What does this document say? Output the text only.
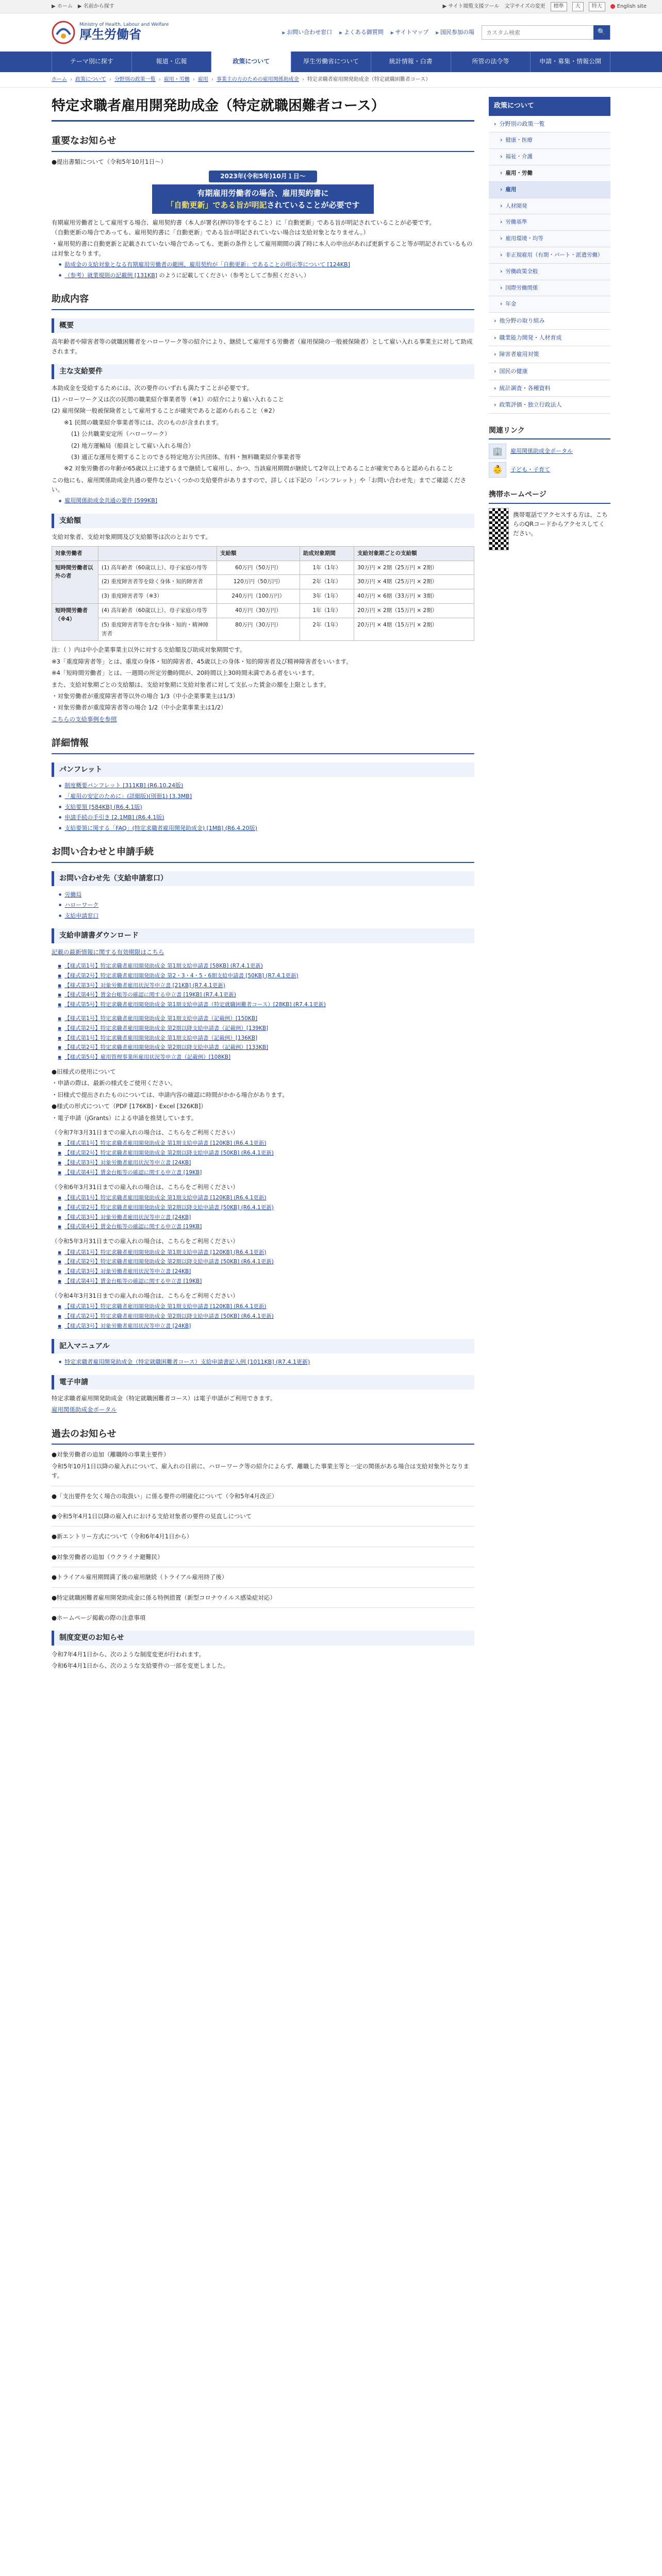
▶ ホーム ▶ 名前から探す	▶ サイト閲覧支援ツール 文字サイズの変更	標準	大	特大	English site
Ministry of Health, Labour and Welfare
厚生労働省	▶ お問い合わせ窓口	▶ よくある御質問	▶ サイトマップ	▶ 国民参加の場
カスタム検索	🔍
テーマ別に探す	報道・広報	政策について	厚生労働省について	統計情報・白書	所管の法令等	申請・募集・情報公開
ホーム › 政策について › 分野別の政策一覧 › 雇用・労働 › 雇用 › 事業主の方のための雇用関係助成金 › 特定求職者雇用開発助成金（特定就職困難者コース）
特定求職者雇用開発助成金（特定就職困難者コース）
重要なお知らせ

●提出書類について（令和5年10月1日〜）

2023年(令和5年)10月１日〜
有期雇用労働者の場合、雇用契約書に
「自動更新」である旨が明記されていることが必要です

有期雇用労働者として雇用する場合、雇用契約書（本人が署名(押印)等をすること）に「自動更新」である旨が明記されていることが必要です。
（自動更新の場合であっても、雇用契約書に「自動更新」である旨が明記されていない場合は支給対象となりません。）

・雇用契約書に自動更新と記載されていない場合であっても、更新の条件として雇用期間の満了時に本人の申出があれば更新すること等が明記されているものは対象となります。

● 助成金の支給対象となる有期雇用労働者の範囲、雇用契約が「自動更新」であることの明示等について [124KB]
● （参考）就業規則の記載例 [131KB] のように記載してください（参考としてご参照ください。）
助成内容
概要

高年齢者や障害者等の就職困難者をハローワーク等の紹介により、継続して雇用する労働者（雇用保険の一般被保険者）として雇い入れる事業主に対して助成されます。

主な支給要件

本助成金を受給するためには、次の要件のいずれも満たすことが必要です。

(1) ハローワーク又は次の民間の職業紹介事業者等（※1）の紹介により雇い入れること

(2) 雇用保険一般被保険者として雇用することが確実であると認められること（※2）

※1 民間の職業紹介事業者等には、次のものが含まれます。

(1) 公共職業安定所（ハローワーク）

(2) 地方運輸局（船員として雇い入れる場合）

(3) 適正な運用を期することのできる特定地方公共団体、有料・無料職業紹介事業者等

※2 対象労働者の年齢が65歳以上に達するまで継続して雇用し、かつ、当該雇用期間が継続して2年以上であることが確実であると認められること

この他にも、雇用関係助成金共通の要件などいくつかの支給要件がありますので、詳しくは下記の「パンフレット」や「お問い合わせ先」までご確認ください。

● 雇用関係助成金共通の要件 [599KB]
支給額

支給対象者、支給対象期間及び支給額等は次のとおりです。

対象労働者		支給額	助成対象期間	支給対象期ごとの支給額
短時間労働者以外の者	(1) 高年齢者（60歳以上）、母子家庭の母等	60万円（50万円）	1年（1年）	30万円 × 2期（25万円 × 2期）
	(2) 重度障害者等を除く身体・知的障害者	120万円（50万円）	2年（1年）	30万円 × 4期（25万円 × 2期）
	(3) 重度障害者等（※3）	240万円（100万円）	3年（1年）	40万円 × 6期（33万円 × 3期）
短時間労働者（※4）	(4) 高年齢者（60歳以上）、母子家庭の母等	40万円（30万円）	1年（1年）	20万円 × 2期（15万円 × 2期）
	(5) 重度障害者等を含む身体・知的・精神障害者	80万円（30万円）	2年（1年）	20万円 × 4期（15万円 × 2期）

注：（ ）内は中小企業事業主以外に対する支給額及び助成対象期間です。

※3「重度障害者等」とは、重度の身体・知的障害者、45歳以上の身体・知的障害者及び精神障害者をいいます。

※4「短時間労働者」とは、一週間の所定労働時間が、20時間以上30時間未満である者をいいます。

また、支給対象期ごとの支給額は、支給対象期に支給対象者に対して支払った賃金の額を上限とします。

・対象労働者が重度障害者等以外の場合 1/3（中小企業事業主は1/3）

・対象労働者が重度障害者等の場合 1/2（中小企業事業主は1/2）

こちらの支給事例を参照

詳細情報
パンフレット
● 制度概要パンフレット [311KB] (R6.10.24版)
● 「雇用の安定のために」(詳細版)(別冊1) [3.3MB]
● 支給要領 [584KB] (R6.4.1版)
● 申請手続の手引き [2.1MB] (R6.4.1版)
● 支給要領に関する「FAQ」(特定求職者雇用開発助成金) [1MB] (R6.4.20版)
お問い合わせと申請手続
お問い合わせ先（支給申請窓口）
● 労働局
● ハローワーク
● 支給申請窓口
支給申請書ダウンロード

記載の最新情報に関する有効期限はこちら

▪ 【様式第1号】特定求職者雇用開発助成金 第1期支給申請書 [58KB] (R7.4.1更新)
▪ 【様式第2号】特定求職者雇用開発助成金 第2・3・4・5・6期支給申請書 [50KB] (R7.4.1更新)
▪ 【様式第3号】対象労働者雇用状況等申立書 [21KB] (R7.4.1更新)
▪ 【様式第4号】賃金台帳等の確認に関する申立書 [19KB] (R7.4.1更新)
▪ 【様式第5号】特定求職者雇用開発助成金 第1期支給申請書（特定就職困難者コース）[28KB] (R7.4.1更新)
▪ 【様式第1号】特定求職者雇用開発助成金 第1期支給申請書（記載例）[150KB]
▪ 【様式第2号】特定求職者雇用開発助成金 第2期以降支給申請書（記載例）[139KB]
▪ 【様式第1号】特定求職者雇用開発助成金 第1期支給申請書（記載例）[136KB]
▪ 【様式第2号】特定求職者雇用開発助成金 第2期以降支給申請書（記載例）[133KB]
▪ 【様式第5号】雇用管理事業所雇用状況等申立書（記載例）[108KB]

●旧様式の使用について

・申請の際は、最新の様式をご使用ください。

・旧様式で提出されたものについては、申請内容の確認に時間がかかる場合があります。

●様式の形式について（PDF [176KB]・Excel [326KB]）

・電子申請（jGrants）による申請を推奨しています。

（令和7年3月31日までの雇入れの場合は、こちらをご利用ください）

▪ 【様式第1号】特定求職者雇用開発助成金 第1期支給申請書 [120KB] (R6.4.1更新)
▪ 【様式第2号】特定求職者雇用開発助成金 第2期以降支給申請書 [50KB] (R6.4.1更新)
▪ 【様式第3号】対象労働者雇用状況等申立書 [24KB]
▪ 【様式第4号】賃金台帳等の確認に関する申立書 [19KB]

（令和6年3月31日までの雇入れの場合は、こちらをご利用ください）

▪ 【様式第1号】特定求職者雇用開発助成金 第1期支給申請書 [120KB] (R6.4.1更新)
▪ 【様式第2号】特定求職者雇用開発助成金 第2期以降支給申請書 [50KB] (R6.4.1更新)
▪ 【様式第3号】対象労働者雇用状況等申立書 [24KB]
▪ 【様式第4号】賃金台帳等の確認に関する申立書 [19KB]

（令和5年3月31日までの雇入れの場合は、こちらをご利用ください）

▪ 【様式第1号】特定求職者雇用開発助成金 第1期支給申請書 [120KB] (R6.4.1更新)
▪ 【様式第2号】特定求職者雇用開発助成金 第2期以降支給申請書 [50KB] (R6.4.1更新)
▪ 【様式第3号】対象労働者雇用状況等申立書 [24KB]
▪ 【様式第4号】賃金台帳等の確認に関する申立書 [19KB]

（令和4年3月31日までの雇入れの場合は、こちらをご利用ください）

▪ 【様式第1号】特定求職者雇用開発助成金 第1期支給申請書 [120KB] (R6.4.1更新)
▪ 【様式第2号】特定求職者雇用開発助成金 第2期以降支給申請書 [50KB] (R6.4.1更新)
▪ 【様式第3号】対象労働者雇用状況等申立書 [24KB]
記入マニュアル
● 特定求職者雇用開発助成金（特定就職困難者コース）支給申請書記入例 [1011KB] (R7.4.1更新)
電子申請

特定求職者雇用開発助成金（特定就職困難者コース）は電子申請がご利用できます。

雇用関係助成金ポータル

過去のお知らせ

●対象労働者の追加（離職時の事業主要件）

令和5年10月1日以降の雇入れについて、雇入れの日前に、ハローワーク等の紹介によらず、離職した事業主等と一定の関係がある場合は支給対象外となります。

●「支出要件を欠く場合の取扱い」に係る要件の明確化について（令和5年4月改正）

●令和5年4月1日以降の雇入れにおける支給対象者の要件の見直しについて

●新エントリー方式について（令和6年4月1日から）

●対象労働者の追加（ウクライナ避難民）

●トライアル雇用期間満了後の雇用継続（トライアル雇用終了後）

●特定就職困難者雇用開発助成金に係る特例措置（新型コロナウイルス感染症対応）

●ホームページ掲載の際の注意事項

制度変更のお知らせ

令和7年4月1日から、次のような制度変更が行われます。

令和6年4月1日から、次のような支給要件の一部を変更しました。

政策について
› 分野別の政策一覧
› 健康・医療
› 福祉・介護
› 雇用・労働
› 雇用
› 人材開発
› 労働基準
› 雇用環境・均等
› 非正規雇用（有期・パート・派遣労働）
› 労働政策全般
› 国際労働関係
› 年金
› 他分野の取り組み
› 職業能力開発・人材育成
› 障害者雇用対策
› 国民の健康
› 統計調査・各種資料
› 政策評価・独立行政法人
関連リンク
🏢	雇用関係助成金ポータル
👶	子ども・子育て
携帯ホームページ

携帯電話でアクセスする方は、こちらのQRコードからアクセスしてください。
